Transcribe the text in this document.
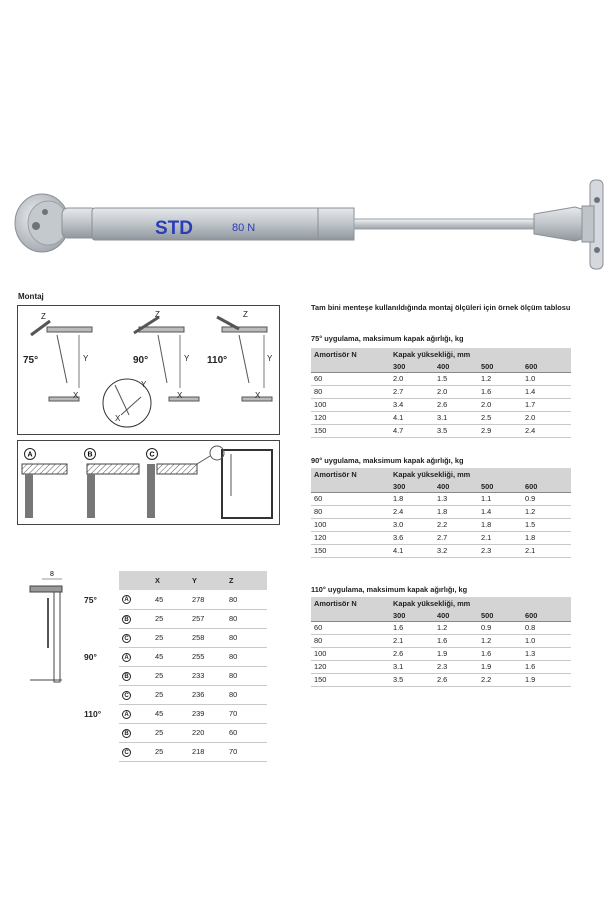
STD	80 N
Montaj
75°
Z
Y
X
90°
Z
Y
X
Y
X
110°
Z
Y
X
A	B	C
8
		X	Y	Z
75°	A	45	278	80
	B	25	257	80
	C	25	258	80
90°	A	45	255	80
	B	25	233	80
	C	25	236	80
110°	A	45	239	70
	B	25	220	60
	C	25	218	70
Tam bini menteşe kullanıldığında montaj ölçüleri için örnek ölçüm tablosu
75° uygulama, maksimum kapak ağırlığı, kg
Amortisör N	Kapak yüksekliği, mm			
	300	400	500	600
60	2.0	1.5	1.2	1.0
80	2.7	2.0	1.6	1.4
100	3.4	2.6	2.0	1.7
120	4.1	3.1	2.5	2.0
150	4.7	3.5	2.9	2.4
90° uygulama, maksimum kapak ağırlığı, kg
Amortisör N	Kapak yüksekliği, mm			
	300	400	500	600
60	1.8	1.3	1.1	0.9
80	2.4	1.8	1.4	1.2
100	3.0	2.2	1.8	1.5
120	3.6	2.7	2.1	1.8
150	4.1	3.2	2.3	2.1
110° uygulama, maksimum kapak ağırlığı, kg
Amortisör N	Kapak yüksekliği, mm			
	300	400	500	600
60	1.6	1.2	0.9	0.8
80	2.1	1.6	1.2	1.0
100	2.6	1.9	1.6	1.3
120	3.1	2.3	1.9	1.6
150	3.5	2.6	2.2	1.9
